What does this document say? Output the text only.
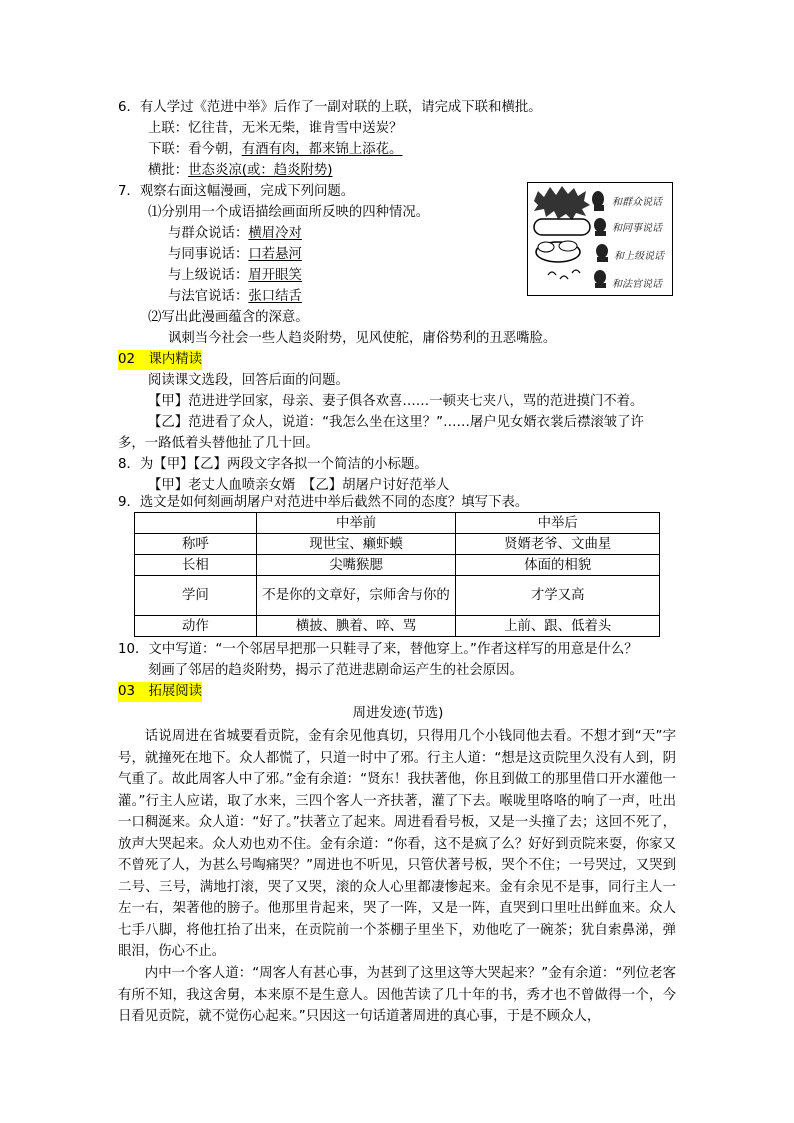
6．有人学过《范进中举》后作了一副对联的上联，请完成下联和横批。
上联：忆往昔，无米无柴，谁肯雪中送炭？
下联：看今朝，有酒有肉，都来锦上添花。
横批：世态炎凉(或：趋炎附势)
7．观察右面这幅漫画，完成下列问题。
⑴分别用一个成语描绘画面所反映的四种情况。
与群众说话：横眉冷对
与同事说话：口若悬河
与上级说话：眉开眼笑
与法官说话：张口结舌
⑵写出此漫画蕴含的深意。
讽刺当今社会一些人趋炎附势，见风使舵，庸俗势利的丑恶嘴脸。
和群众说话
和同事说话
和上级说话
和法官说话
02　 课内精读
阅读课文选段，回答后面的问题。
【甲】范进进学回家，母亲、妻子俱各欢喜……一顿夹七夹八，骂的范进摸门不着。
【乙】范进看了众人，说道：“我怎么坐在这里？”……屠户见女婿衣裳后襟滚皱了许
多，一路低着头替他扯了几十回。
8．为【甲】【乙】两段文字各拟一个简洁的小标题。
【甲】老丈人血喷亲女婿　【乙】胡屠户讨好范举人
9．选文是如何刻画胡屠户对范进中举后截然不同的态度？填写下表。
	中举前	中举后
称呼	现世宝、癞虾蟆	贤婿老爷、文曲星
长相	尖嘴猴腮	体面的相貌
学问	不是你的文章好，宗师舍与你的	才学又高
动作	横披、腆着、啐、骂	上前、跟、低着头
10．文中写道：“一个邻居早把那一只鞋寻了来，替他穿上。”作者这样写的用意是什么？
刻画了邻居的趋炎附势，揭示了范进悲剧命运产生的社会原因。
03　 拓展阅读
周进发迹(节选)
话说周进在省城要看贡院，金有余见他真切，只得用几个小钱同他去看。不想才到“天”字号，就撞死在地下。众人都慌了，只道一时中了邪。行主人道：“想是这贡院里久没有人到，阴气重了。故此周客人中了邪。”金有余道：“贤东！我扶著他，你且到做工的那里借口开水灌他一灌。”行主人应诺，取了水来，三四个客人一齐扶著，灌了下去。喉咙里咯咯的响了一声，吐出一口稠涎来。众人道：“好了。”扶著立了起来。周进看看号板，又是一头撞了去；这回不死了，放声大哭起来。众人劝也劝不住。金有余道：“你看，这不是疯了么？好好到贡院来耍，你家又不曾死了人，为甚么号啕痛哭？”周进也不听见，只管伏著号板，哭个不住；一号哭过，又哭到二号、三号，满地打滚，哭了又哭，滚的众人心里都凄惨起来。金有余见不是事，同行主人一左一右，架著他的膀子。他那里肯起来，哭了一阵，又是一阵，直哭到口里吐出鲜血来。众人七手八脚，将他扛抬了出来，在贡院前一个茶棚子里坐下，劝他吃了一碗茶；犹自索鼻涕，弹眼泪，伤心不止。
内中一个客人道：“周客人有甚心事，为甚到了这里这等大哭起来？”金有余道：“列位老客有所不知，我这舍舅，本来原不是生意人。因他苦读了几十年的书，秀才也不曾做得一个，今日看见贡院，就不觉伤心起来。”只因这一句话道著周进的真心事，于是不顾众人，
